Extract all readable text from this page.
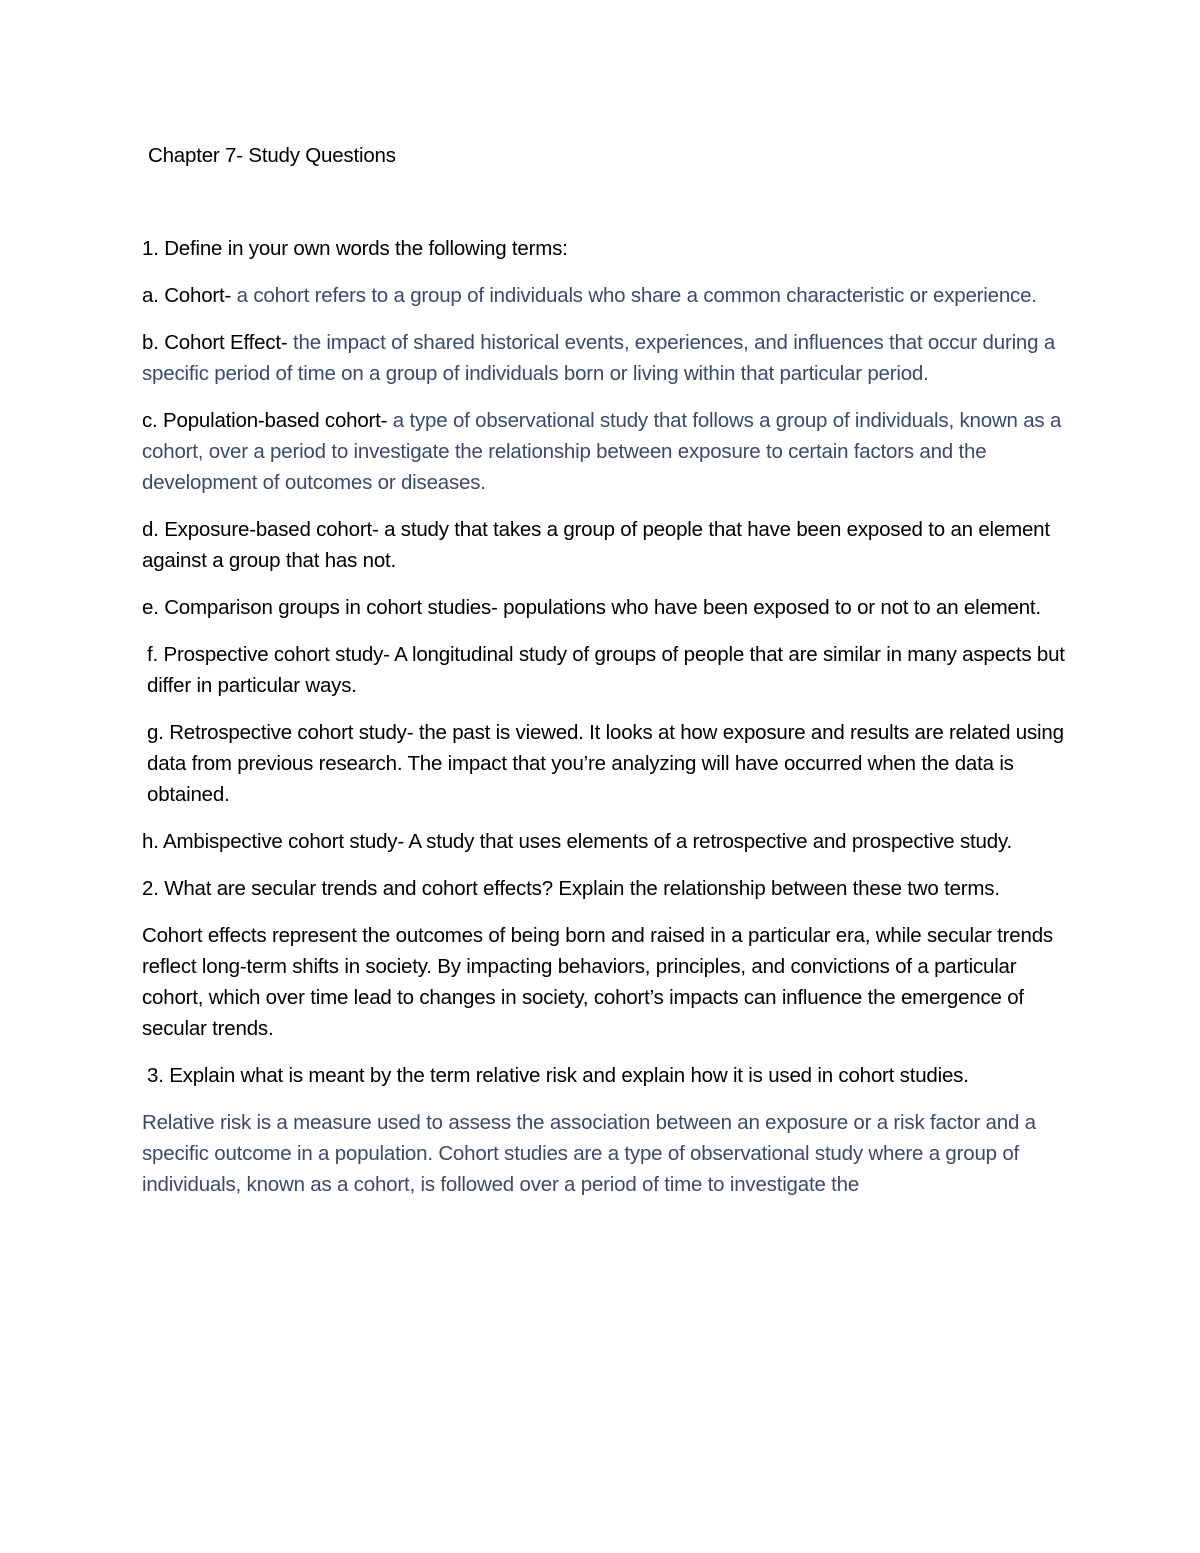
Chapter 7- Study Questions

1. Define in your own words the following terms:

a. Cohort- a cohort refers to a group of individuals who share a common characteristic or experience.

b. Cohort Effect- the impact of shared historical events, experiences, and influences that occur during a specific period of time on a group of individuals born or living within that particular period.

c. Population-based cohort- a type of observational study that follows a group of individuals, known as a cohort, over a period to investigate the relationship between exposure to certain factors and the development of outcomes or diseases.

d. Exposure-based cohort- a study that takes a group of people that have been exposed to an element against a group that has not.

e. Comparison groups in cohort studies- populations who have been exposed to or not to an element.

f. Prospective cohort study- A longitudinal study of groups of people that are similar in many aspects but differ in particular ways.

g. Retrospective cohort study- the past is viewed. It looks at how exposure and results are related using data from previous research. The impact that you’re analyzing will have occurred when the data is obtained.

h. Ambispective cohort study- A study that uses elements of a retrospective and prospective study.

2. What are secular trends and cohort effects? Explain the relationship between these two terms.

Cohort effects represent the outcomes of being born and raised in a particular era, while secular trends reflect long-term shifts in society. By impacting behaviors, principles, and convictions of a particular cohort, which over time lead to changes in society, cohort’s impacts can influence the emergence of secular trends.

3. Explain what is meant by the term relative risk and explain how it is used in cohort studies.

Relative risk is a measure used to assess the association between an exposure or a risk factor and a specific outcome in a population. Cohort studies are a type of observational study where a group of individuals, known as a cohort, is followed over a period of time to investigate the
